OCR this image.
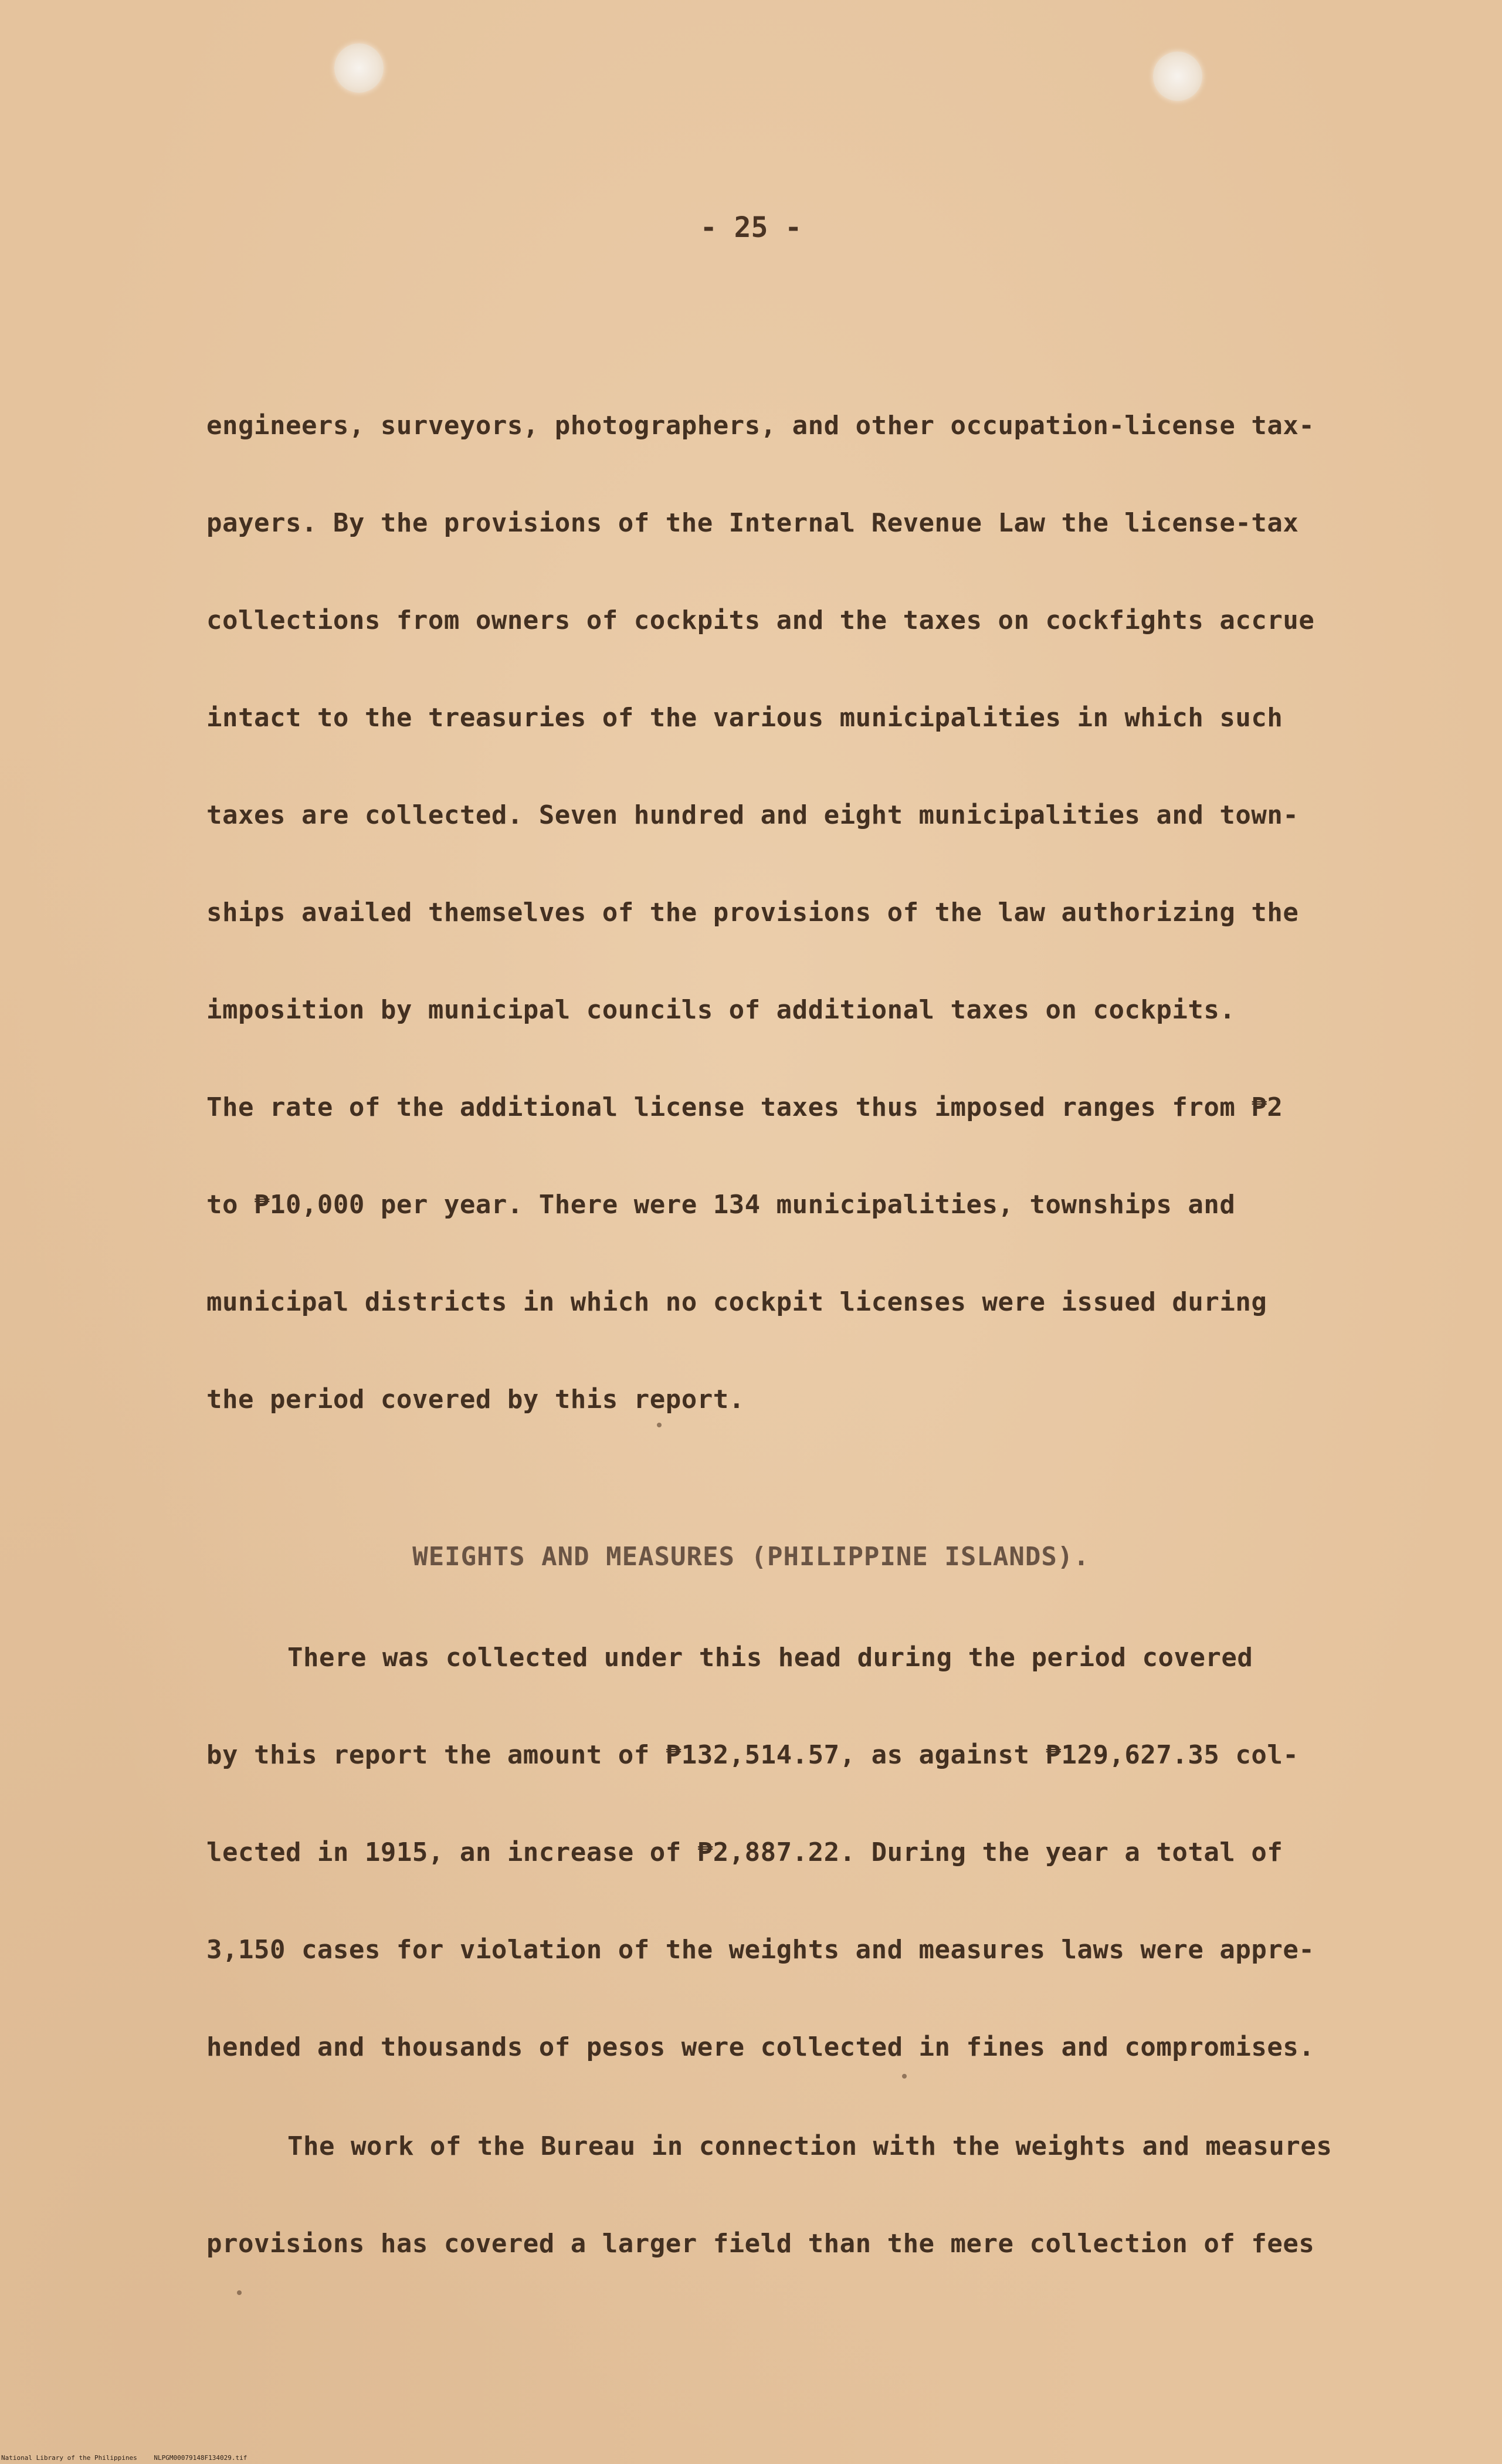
- 25 -

engineers, surveyors, photographers, and other occupation-license tax-
payers. By the provisions of the Internal Revenue Law the license-tax
collections from owners of cockpits and the taxes on cockfights accrue
intact to the treasuries of the various municipalities in which such
taxes are collected. Seven hundred and eight municipalities and town-
ships availed themselves of the provisions of the law authorizing the
imposition by municipal councils of additional taxes on cockpits.
The rate of the additional license taxes thus imposed ranges from ₱2
to ₱10,000 per year. There were 134 municipalities, townships and
municipal districts in which no cockpit licenses were issued during
the period covered by this report.

WEIGHTS AND MEASURES (PHILIPPINE ISLANDS).

There was collected under this head during the period covered
by this report the amount of ₱132,514.57, as against ₱129,627.35 col-
lected in 1915, an increase of ₱2,887.22. During the year a total of
3,150 cases for violation of the weights and measures laws were appre-
hended and thousands of pesos were collected in fines and compromises.

The work of the Bureau in connection with the weights and measures
provisions has covered a larger field than the mere collection of fees

National Library of the Philippines	NLPGM00079148F134029.tif
